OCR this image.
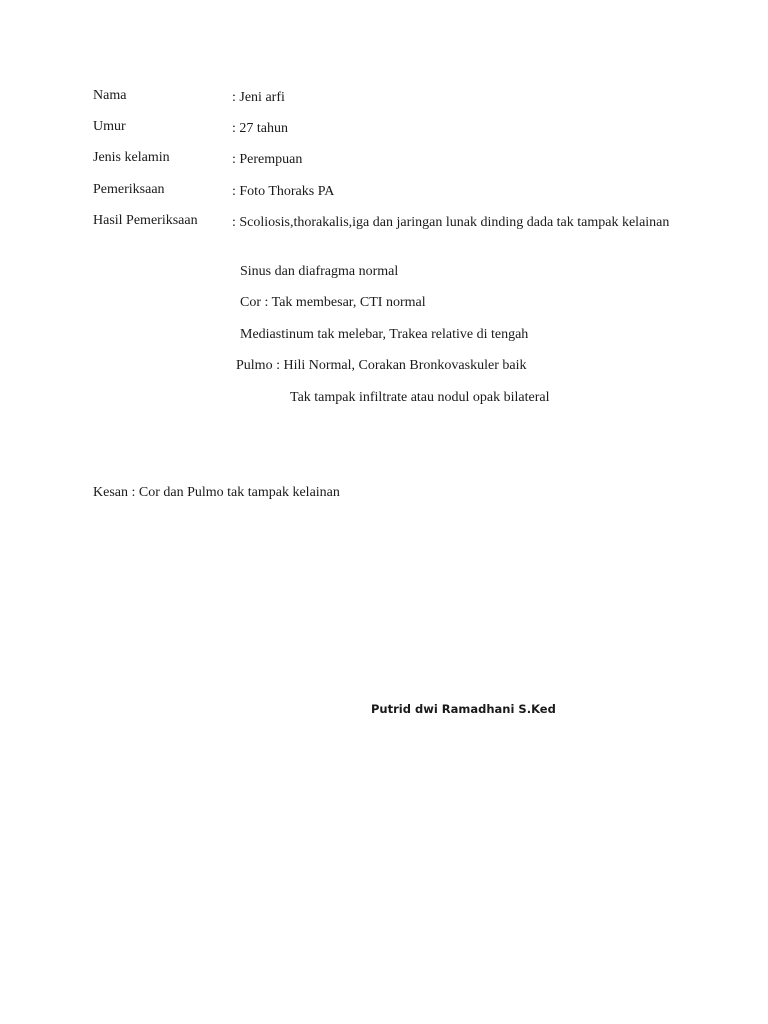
Nama	: Jeni arfi
Umur	: 27 tahun
Jenis kelamin	: Perempuan
Pemeriksaan	: Foto Thoraks PA
Hasil Pemeriksaan : Scoliosis,thorakalis,iga dan jaringan lunak dinding dada tak tampak kelainan
Sinus dan diafragma normal
Cor : Tak membesar, CTI normal
Mediastinum tak melebar, Trakea relative di tengah
Pulmo : Hili Normal, Corakan Bronkovaskuler baik
Tak tampak infiltrate atau nodul opak bilateral
Kesan : Cor dan Pulmo tak tampak kelainan
Putrid dwi Ramadhani S.Ked
